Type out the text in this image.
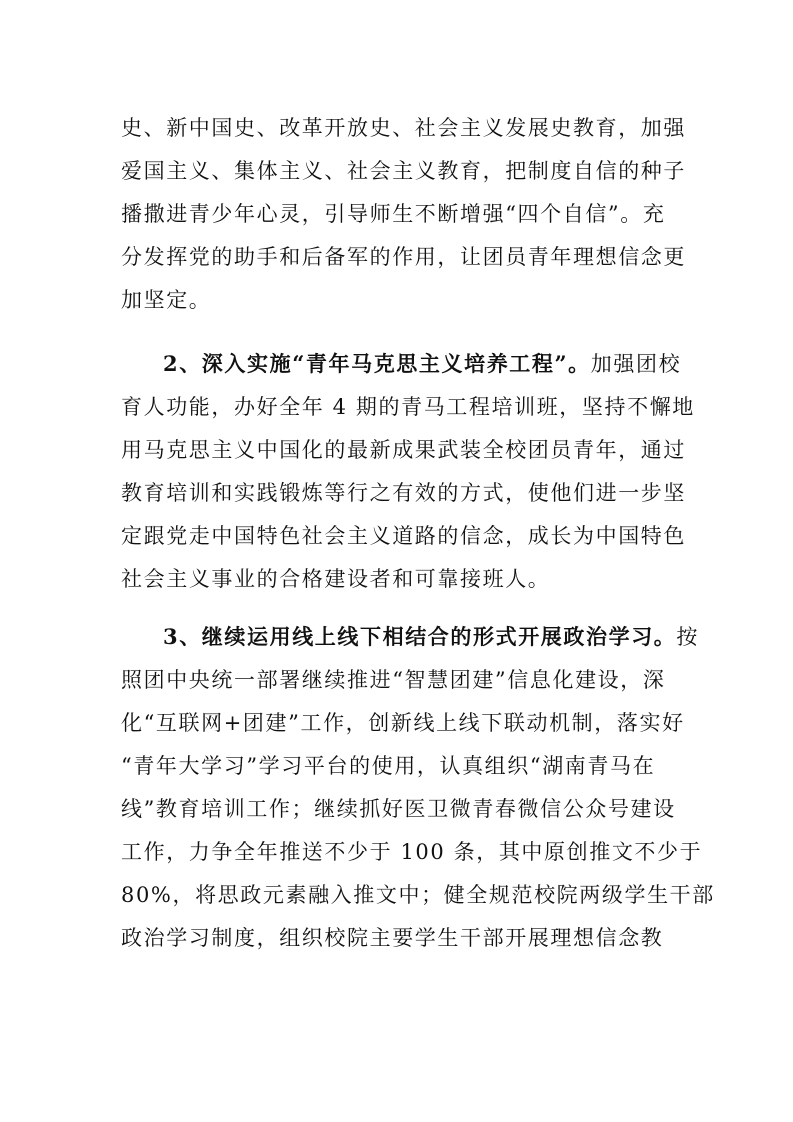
史、新中国史、改革开放史、社会主义发展史教育，加强
爱国主义、集体主义、社会主义教育，把制度自信的种子
播撒进青少年心灵，引导师生不断增强“四个自信”。充
分发挥党的助手和后备军的作用，让团员青年理想信念更
加坚定。
2、深入实施“青年马克思主义培养工程”。加强团校
育人功能，办好全年 4 期的青马工程培训班，坚持不懈地
用马克思主义中国化的最新成果武装全校团员青年，通过
教育培训和实践锻炼等行之有效的方式，使他们进一步坚
定跟党走中国特色社会主义道路的信念，成长为中国特色
社会主义事业的合格建设者和可靠接班人。
3、继续运用线上线下相结合的形式开展政治学习。按
照团中央统一部署继续推进“智慧团建”信息化建设，深
化“互联网+团建”工作，创新线上线下联动机制，落实好
“青年大学习”学习平台的使用，认真组织“湖南青马在
线”教育培训工作；继续抓好医卫微青春微信公众号建设
工作，力争全年推送不少于 100 条，其中原创推文不少于
80%，将思政元素融入推文中；健全规范校院两级学生干部
政治学习制度，组织校院主要学生干部开展理想信念教
